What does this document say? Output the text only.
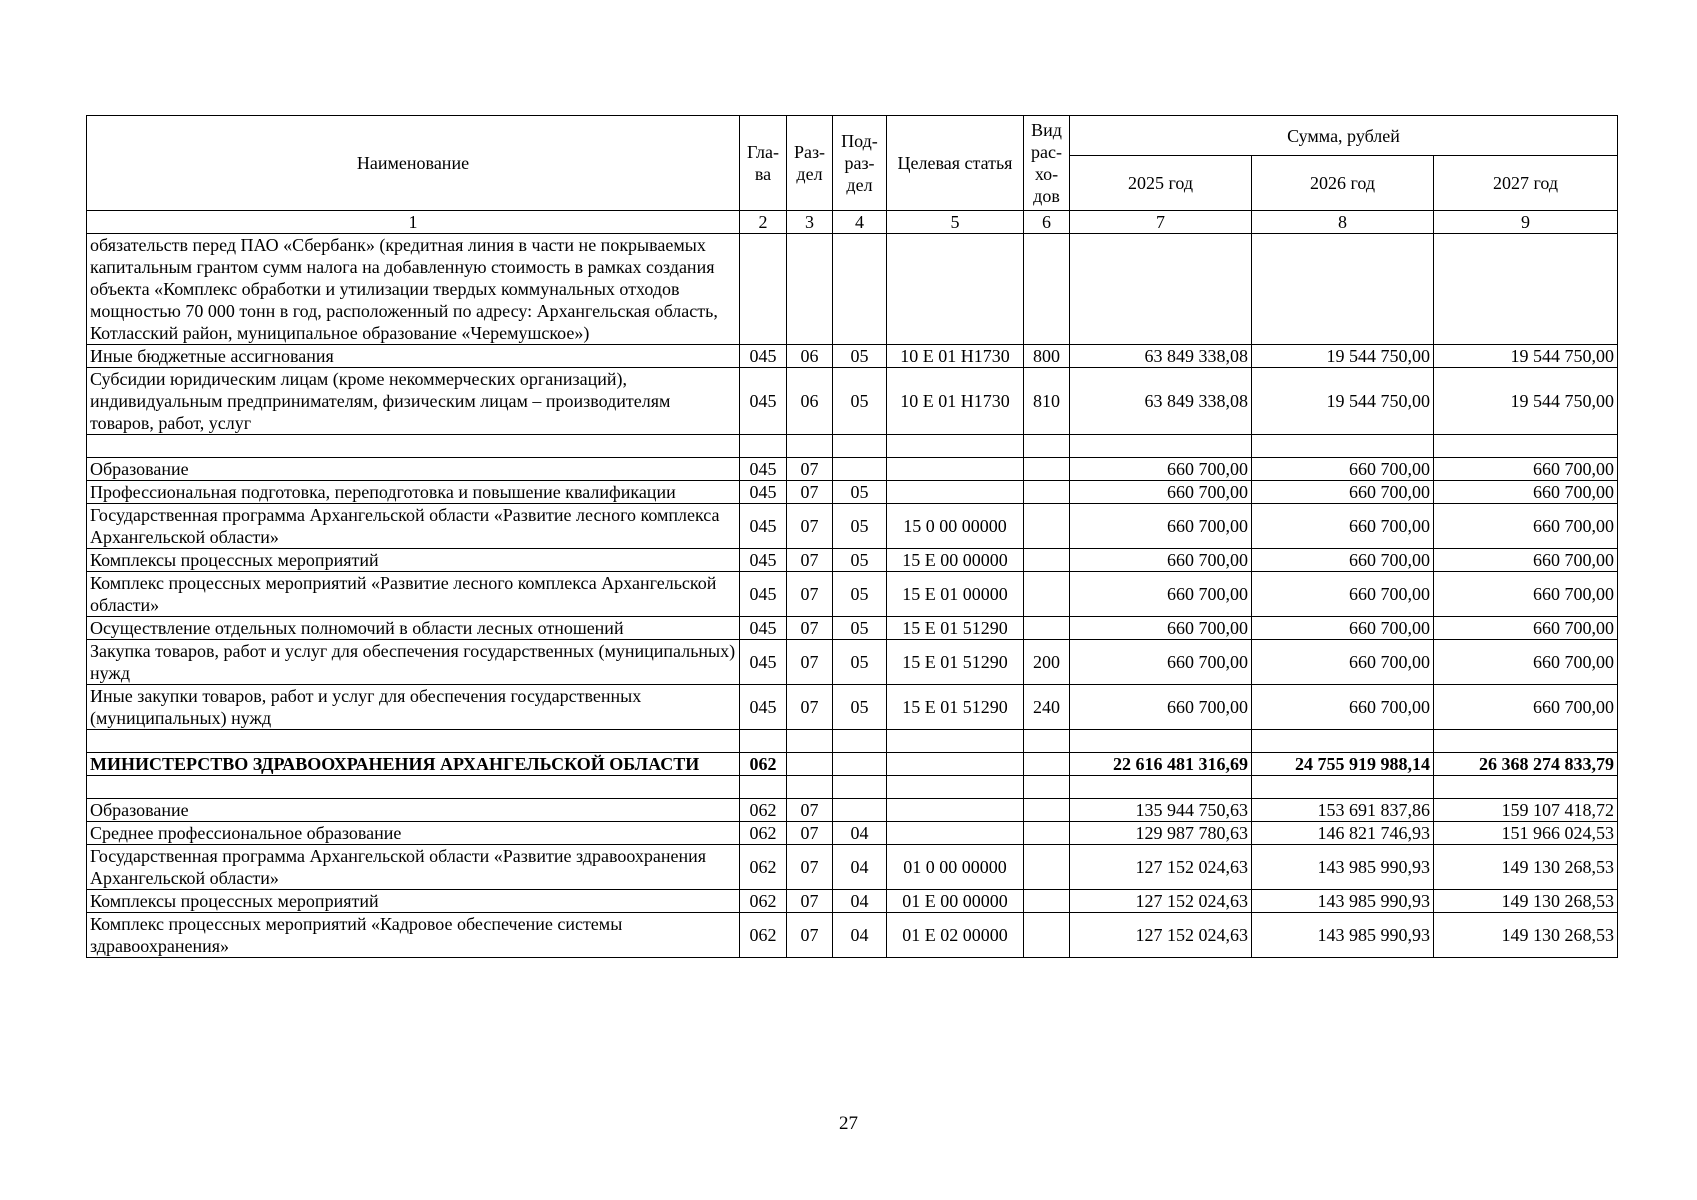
Наименование	Гла-ва	Раз-дел	Под-раз-дел	Целевая статья	Вид рас-хо-дов	Сумма, рублей		
						2025 год	2026 год	2027 год
1	2	3	4	5	6	7	8	9
обязательств перед ПАО «Сбербанк» (кредитная линия в части не покрываемых капитальным грантом сумм налога на добавленную стоимость в рамках создания объекта «Комплекс обработки и утилизации твердых коммунальных отходов мощностью 70 000 тонн в год, расположенный по адресу: Архангельская область, Котласский район, муниципальное образование «Черемушское»)								
Иные бюджетные ассигнования	045	06	05	10 Е 01 Н1730	800	63 849 338,08	19 544 750,00	19 544 750,00
Субсидии юридическим лицам (кроме некоммерческих организаций), индивидуальным предпринимателям, физическим лицам – производителям товаров, работ, услуг	045	06	05	10 Е 01 Н1730	810	63 849 338,08	19 544 750,00	19 544 750,00

Образование	045	07				660 700,00	660 700,00	660 700,00
Профессиональная подготовка, переподготовка и повышение квалификации	045	07	05			660 700,00	660 700,00	660 700,00
Государственная программа Архангельской области «Развитие лесного комплекса Архангельской области»	045	07	05	15 0 00 00000		660 700,00	660 700,00	660 700,00
Комплексы процессных мероприятий	045	07	05	15 Е 00 00000		660 700,00	660 700,00	660 700,00
Комплекс процессных мероприятий «Развитие лесного комплекса Архангельской области»	045	07	05	15 Е 01 00000		660 700,00	660 700,00	660 700,00
Осуществление отдельных полномочий в области лесных отношений	045	07	05	15 Е 01 51290		660 700,00	660 700,00	660 700,00
Закупка товаров, работ и услуг для обеспечения государственных (муниципальных) нужд	045	07	05	15 Е 01 51290	200	660 700,00	660 700,00	660 700,00
Иные закупки товаров, работ и услуг для обеспечения государственных (муниципальных) нужд	045	07	05	15 Е 01 51290	240	660 700,00	660 700,00	660 700,00

МИНИСТЕРСТВО ЗДРАВООХРАНЕНИЯ АРХАНГЕЛЬСКОЙ ОБЛАСТИ	062					22 616 481 316,69	24 755 919 988,14	26 368 274 833,79

Образование	062	07				135 944 750,63	153 691 837,86	159 107 418,72
Среднее профессиональное образование	062	07	04			129 987 780,63	146 821 746,93	151 966 024,53
Государственная программа Архангельской области «Развитие здравоохранения Архангельской области»	062	07	04	01 0 00 00000		127 152 024,63	143 985 990,93	149 130 268,53
Комплексы процессных мероприятий	062	07	04	01 Е 00 00000		127 152 024,63	143 985 990,93	149 130 268,53
Комплекс процессных мероприятий «Кадровое обеспечение системы здравоохранения»	062	07	04	01 Е 02 00000		127 152 024,63	143 985 990,93	149 130 268,53
27
